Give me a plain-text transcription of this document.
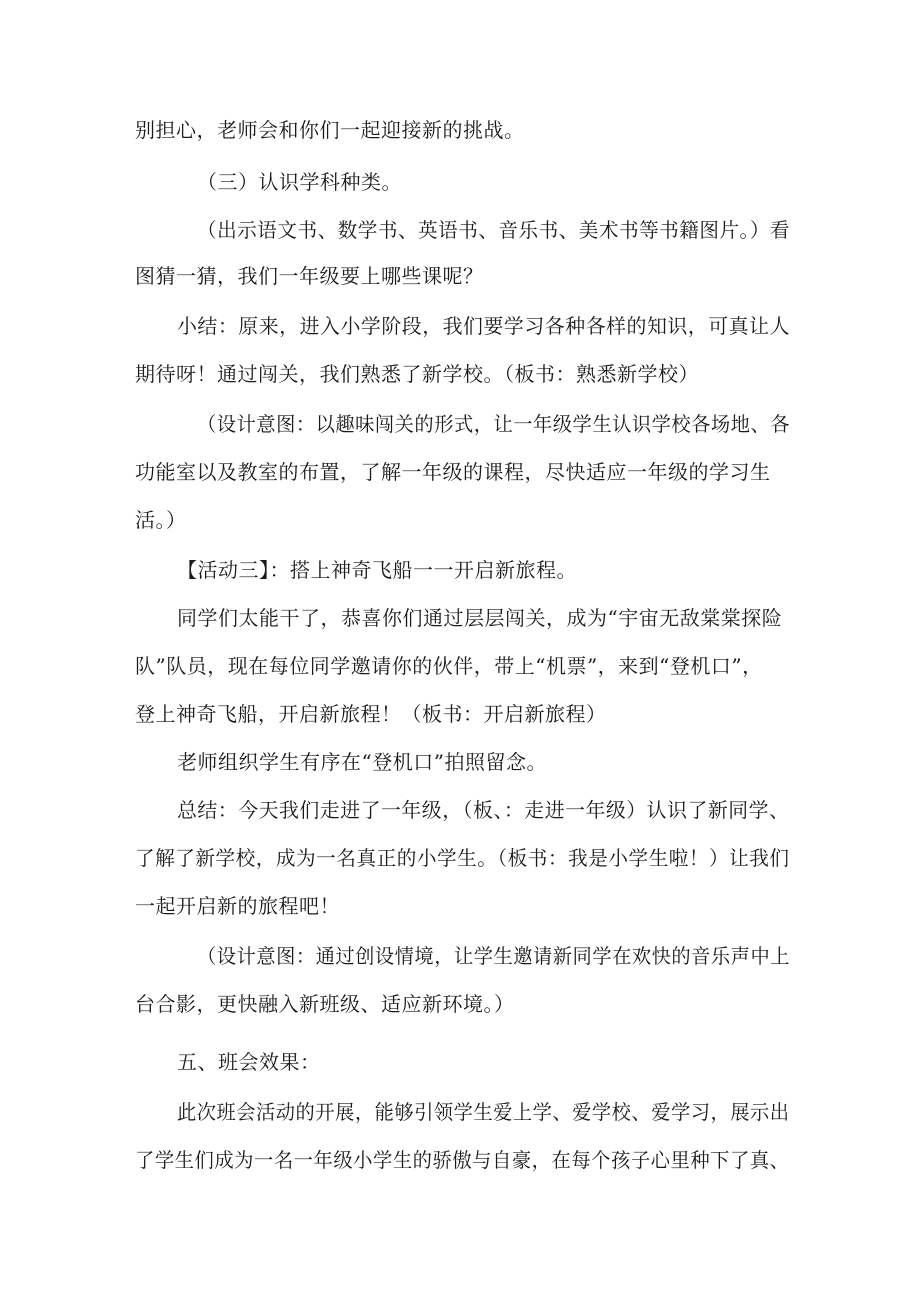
别担心，老师会和你们一起迎接新的挑战。
（三）认识学科种类。
（出示语文书、数学书、英语书、音乐书、美术书等书籍图片。）看
图猜一猜，我们一年级要上哪些课呢？
小结：原来，进入小学阶段，我们要学习各种各样的知识，可真让人
期待呀！通过闯关，我们熟悉了新学校。（板书：熟悉新学校）
（设计意图：以趣味闯关的形式，让一年级学生认识学校各场地、各
功能室以及教室的布置，了解一年级的课程，尽快适应一年级的学习生
活。）
【活动三】：搭上神奇飞船一一开启新旅程。
同学们太能干了，恭喜你们通过层层闯关，成为“宇宙无敌棠棠探险
队”队员，现在每位同学邀请你的伙伴，带上“机票”，来到“登机口”，
登上神奇飞船，开启新旅程！（板书：开启新旅程）
老师组织学生有序在“登机口”拍照留念。
总结：今天我们走进了一年级，（板、：走进一年级）认识了新同学、
了解了新学校，成为一名真正的小学生。（板书：我是小学生啦！）让我们
一起开启新的旅程吧！
（设计意图：通过创设情境，让学生邀请新同学在欢快的音乐声中上
台合影，更快融入新班级、适应新环境。）
五、班会效果：
此次班会活动的开展，能够引领学生爱上学、爱学校、爱学习，展示出
了学生们成为一名一年级小学生的骄傲与自豪，在每个孩子心里种下了真、
